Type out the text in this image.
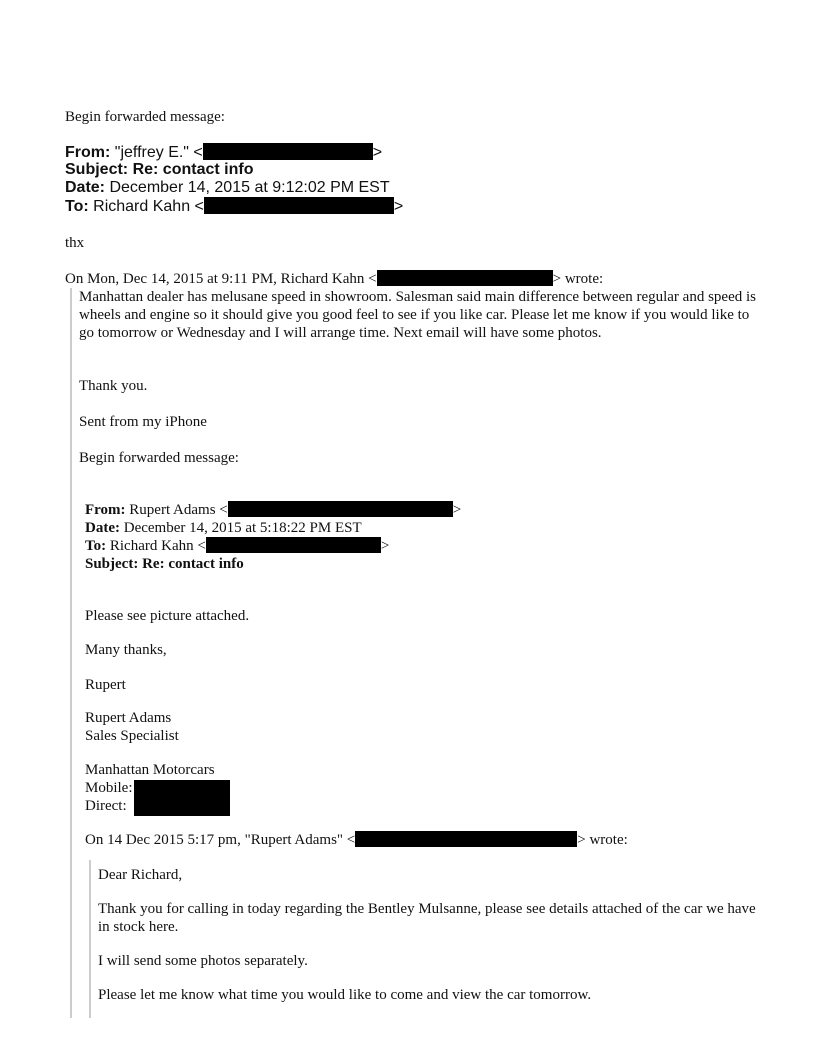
Begin forwarded message:
From: "jeffrey E." <	>
Subject: Re: contact info
Date: December 14, 2015 at 9:12:02 PM EST
To: Richard Kahn <	>
thx
On Mon, Dec 14, 2015 at 9:11 PM, Richard Kahn <	> wrote:
Manhattan dealer has melusane speed in showroom. Salesman said main difference between regular and speed is wheels and engine so it should give you good feel to see if you like car. Please let me know if you would like to go tomorrow or Wednesday and I will arrange time. Next email will have some photos.
Thank you.
Sent from my iPhone
Begin forwarded message:
From: Rupert Adams <	>
Date: December 14, 2015 at 5:18:22 PM EST
To: Richard Kahn <	>
Subject: Re: contact info
Please see picture attached.
Many thanks,
Rupert
Rupert Adams
Sales Specialist
Manhattan Motorcars
Mobile:
Direct:
On 14 Dec 2015 5:17 pm, "Rupert Adams" <	> wrote:
Dear Richard,
Thank you for calling in today regarding the Bentley Mulsanne, please see details attached of the car we have in stock here.
I will send some photos separately.
Please let me know what time you would like to come and view the car tomorrow.
